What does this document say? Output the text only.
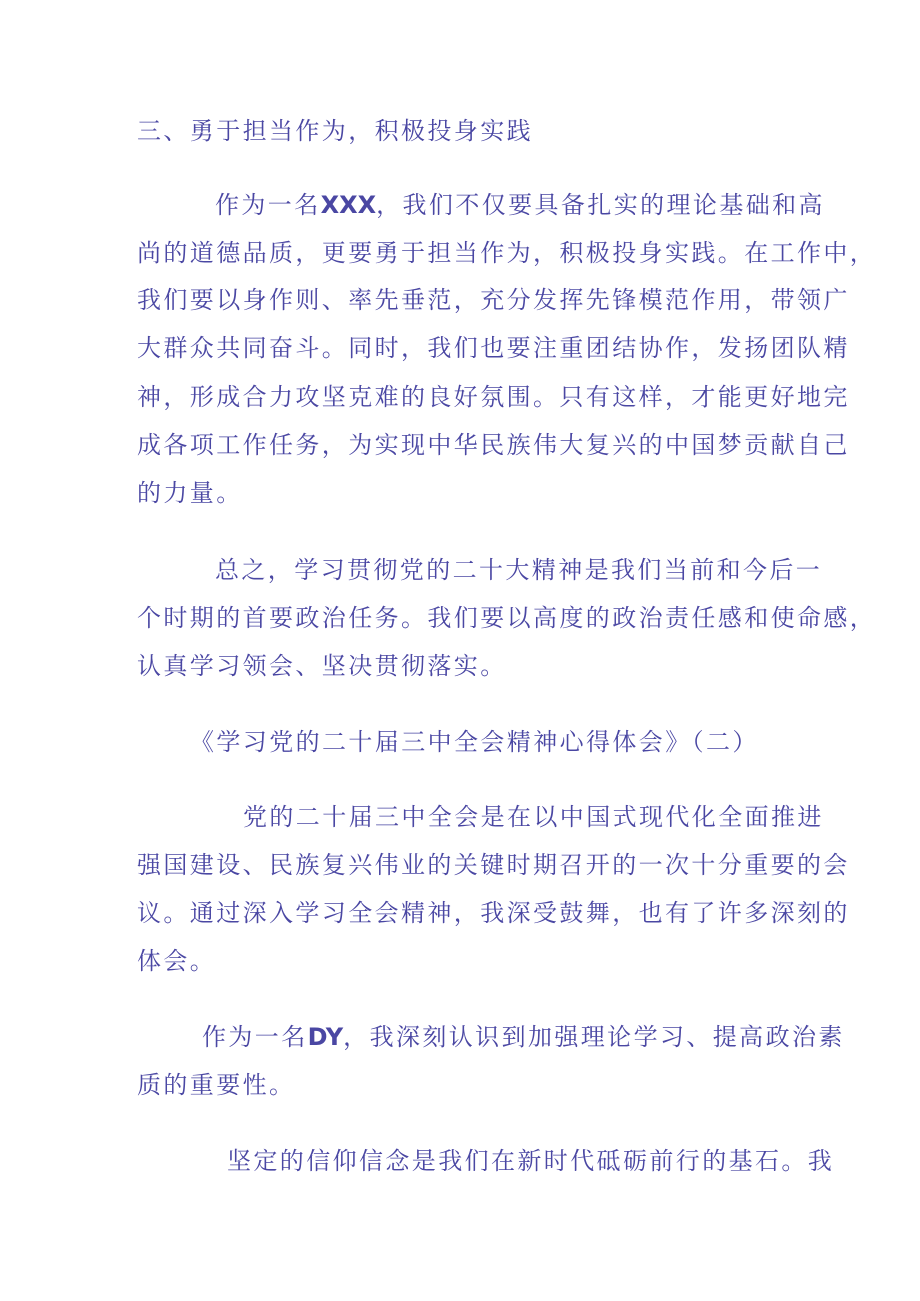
三、勇于担当作为，积极投身实践
作为一名XXX，我们不仅要具备扎实的理论基础和高
尚的道德品质，更要勇于担当作为，积极投身实践。在工作中，
我们要以身作则、率先垂范，充分发挥先锋模范作用，带领广
大群众共同奋斗。同时，我们也要注重团结协作，发扬团队精
神，形成合力攻坚克难的良好氛围。只有这样，才能更好地完
成各项工作任务，为实现中华民族伟大复兴的中国梦贡献自己
的力量。
总之，学习贯彻党的二十大精神是我们当前和今后一
个时期的首要政治任务。我们要以高度的政治责任感和使命感，
认真学习领会、坚决贯彻落实。
《学习党的二十届三中全会精神心得体会》（二）
党的二十届三中全会是在以中国式现代化全面推进
强国建设、民族复兴伟业的关键时期召开的一次十分重要的会
议。通过深入学习全会精神，我深受鼓舞，也有了许多深刻的
体会。
作为一名DY，我深刻认识到加强理论学习、提高政治素
质的重要性。
坚定的信仰信念是我们在新时代砥砺前行的基石。我
